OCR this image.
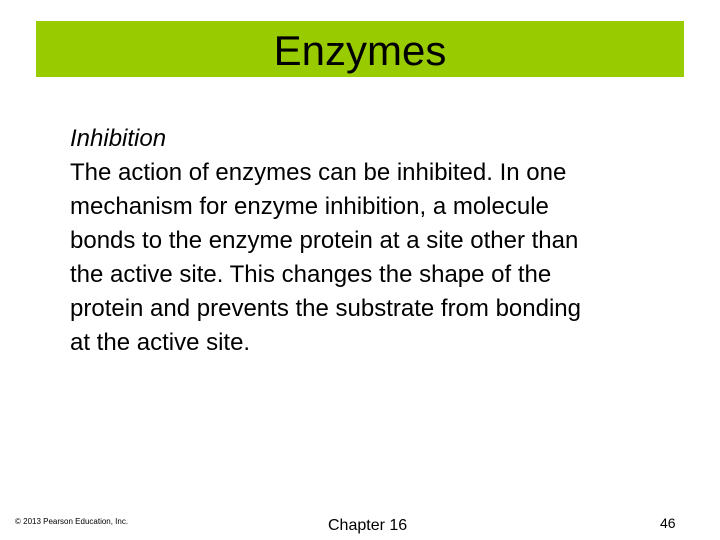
Enzymes
Inhibition

The action of enzymes can be inhibited. In one
mechanism for enzyme inhibition, a molecule
bonds to the enzyme protein at a site other than
the active site. This changes the shape of the
protein and prevents the substrate from bonding
at the active site.

© 2013 Pearson Education, Inc.	Chapter 16	46
